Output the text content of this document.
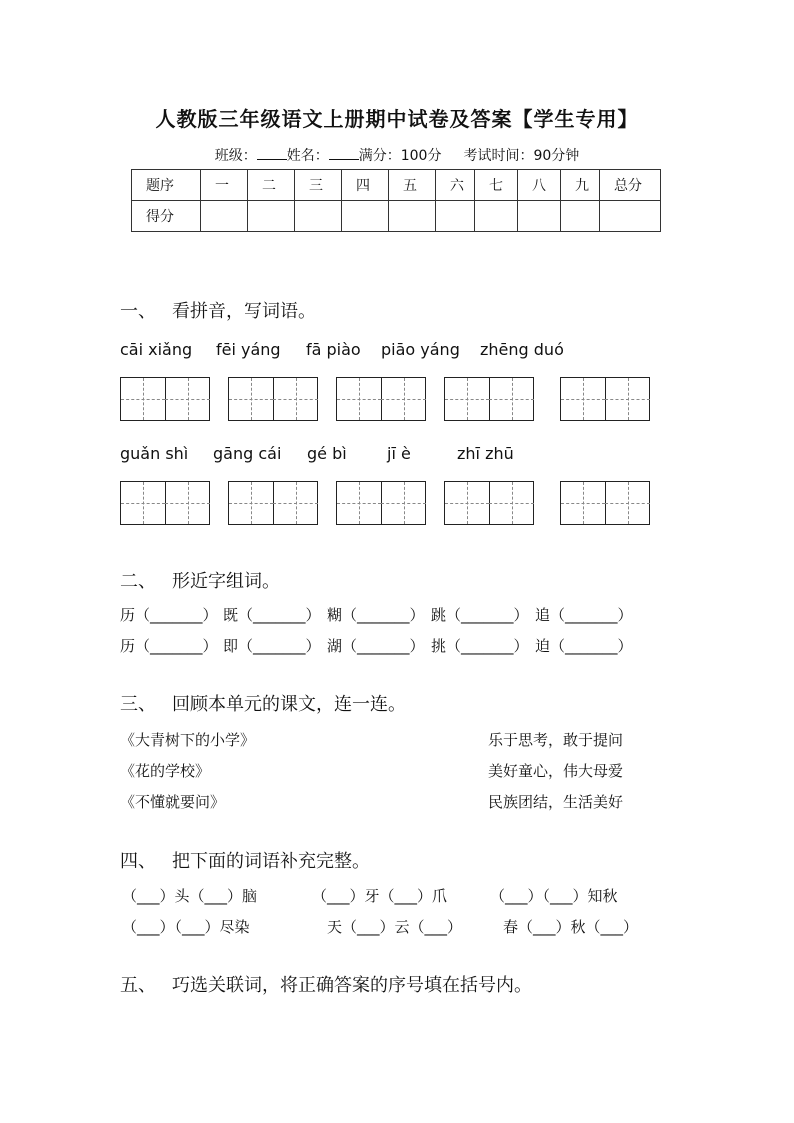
人教版三年级语文上册期中试卷及答案【学生专用】
班级： 姓名： 满分：100分 考试时间：90分钟
题序	一	二	三	四	五	六	七	八	九	总分
得分										
一、 看拼音，写词语。
cāi xiǎng fēi yáng fā piào piāo yáng zhēng duó
guǎn shì gāng cái gé bì	jī è	zhī zhū
二、 形近字组词。
历（_______） 既（_______） 糊（_______） 跳（_______） 追（_______）
历（_______） 即（_______） 湖（_______） 挑（_______） 迫（_______）
三、 回顾本单元的课文，连一连。
《大青树下的小学》
《花的学校》
《不懂就要问》
乐于思考，敢于提问
美好童心，伟大母爱
民族团结，生活美好
四、 把下面的词语补充完整。
（___）头（___）脑	（___）牙（___）爪	（___）（___）知秋
（___）（___）尽染	天（___）云（___）	春（___）秋（___）
五、 巧选关联词，将正确答案的序号填在括号内。
